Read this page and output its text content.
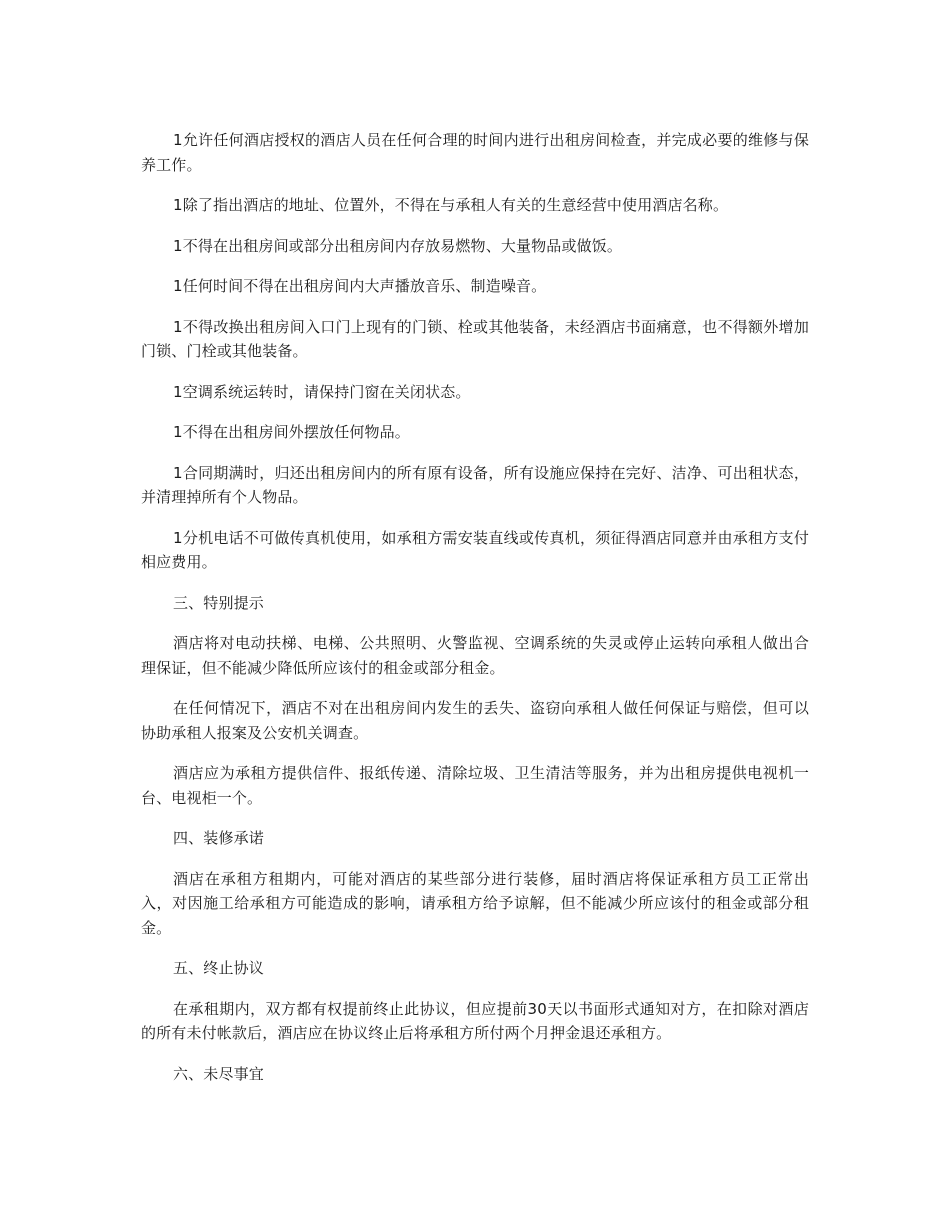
1允许任何酒店授权的酒店人员在任何合理的时间内进行出租房间检查，并完成必要的维修与保养工作。

1除了指出酒店的地址、位置外，不得在与承租人有关的生意经营中使用酒店名称。

1不得在出租房间或部分出租房间内存放易燃物、大量物品或做饭。

1任何时间不得在出租房间内大声播放音乐、制造噪音。

1不得改换出租房间入口门上现有的门锁、栓或其他装备，未经酒店书面痛意，也不得额外增加门锁、门栓或其他装备。

1空调系统运转时，请保持门窗在关闭状态。

1不得在出租房间外摆放任何物品。

1合同期满时，归还出租房间内的所有原有设备，所有设施应保持在完好、洁净、可出租状态，并清理掉所有个人物品。

1分机电话不可做传真机使用，如承租方需安装直线或传真机，须征得酒店同意并由承租方支付相应费用。

三、特别提示

酒店将对电动扶梯、电梯、公共照明、火警监视、空调系统的失灵或停止运转向承租人做出合理保证，但不能减少降低所应该付的租金或部分租金。

在任何情况下，酒店不对在出租房间内发生的丢失、盗窃向承租人做任何保证与赔偿，但可以协助承租人报案及公安机关调查。

酒店应为承租方提供信件、报纸传递、清除垃圾、卫生清洁等服务，并为出租房提供电视机一台、电视柜一个。

四、装修承诺

酒店在承租方租期内，可能对酒店的某些部分进行装修，届时酒店将保证承租方员工正常出入，对因施工给承租方可能造成的影响，请承租方给予谅解，但不能减少所应该付的租金或部分租金。

五、终止协议

在承租期内，双方都有权提前终止此协议，但应提前30天以书面形式通知对方，在扣除对酒店的所有未付帐款后，酒店应在协议终止后将承租方所付两个月押金退还承租方。

六、未尽事宜
